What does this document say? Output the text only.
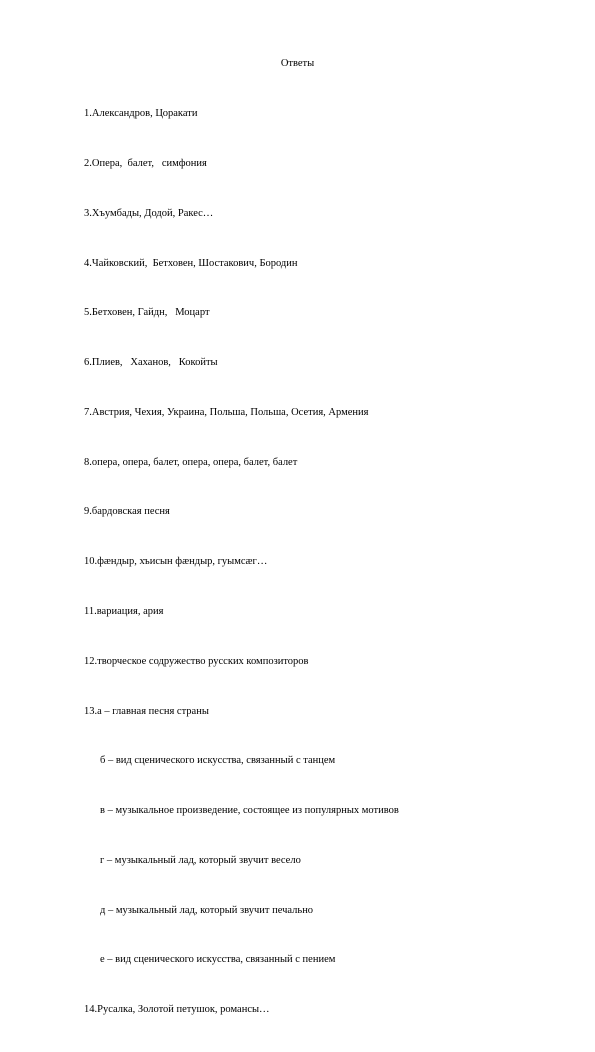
Ответы

1.Александров, Цоракати

2.Опера,  балет,   симфония

3.Хъумбады, Додой, Ракес…

4.Чайковский,  Бетховен, Шостакович, Бородин

5.Бетховен, Гайдн,   Моцарт

6.Плиев,   Хаханов,   Кокойты

7.Австрия, Чехия, Украина, Польша, Польша, Осетия, Армения

8.опера, опера, балет, опера, опера, балет, балет

9.бардовская песня

10.фæндыр, хъисын фæндыр, гуымсæг…

11.вариация, ария

12.творческое содружество русских композиторов

13.а – главная песня страны

б – вид сценического искусства, связанный с танцем

в – музыкальное произведение, состоящее из популярных мотивов

г – музыкальный лад, который звучит весело

д – музыкальный лад, который звучит печально

е – вид сценического искусства, связанный с пением

14.Русалка, Золотой петушок, романсы…
